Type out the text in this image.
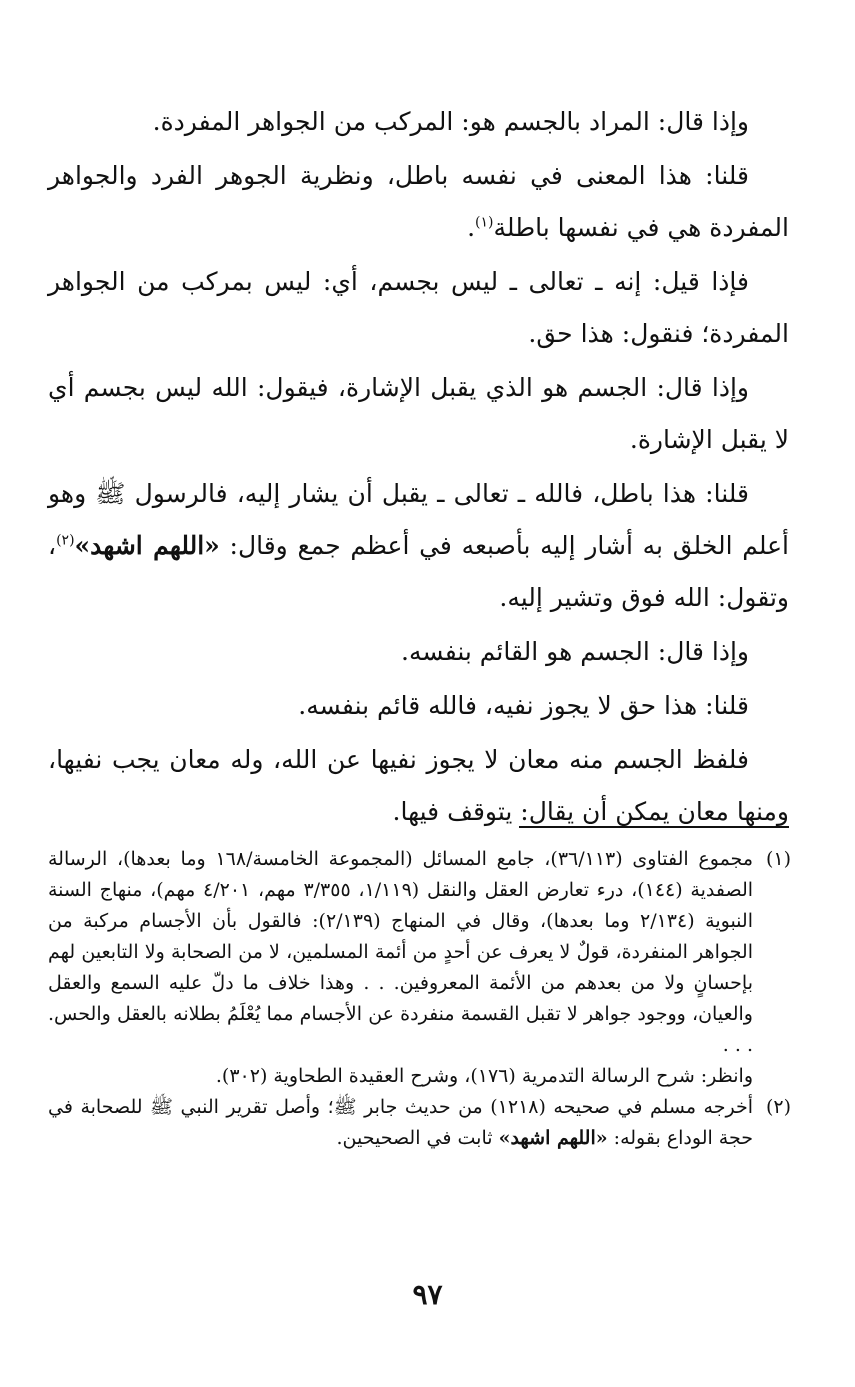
وإذا قال: المراد بالجسم هو: المركب من الجواهر المفردة.

قلنا: هذا المعنى في نفسه باطل، ونظرية الجوهر الفرد والجواهر المفردة هي في نفسها باطلة$^{(١)}$.

فإذا قيل: إنه ـ تعالى ـ ليس بجسم، أي: ليس بمركب من الجواهر المفردة؛ فنقول: هذا حق.

وإذا قال: الجسم هو الذي يقبل الإشارة، فيقول: الله ليس بجسم أي لا يقبل الإشارة.

قلنا: هذا باطل، فالله ـ تعالى ـ يقبل أن يشار إليه، فالرسول ﷺ وهو أعلم الخلق به أشار إليه بأصبعه في أعظم جمع وقال: «اللهم اشهد»$^{(٢)}$، وتقول: الله فوق وتشير إليه.

وإذا قال: الجسم هو القائم بنفسه.

قلنا: هذا حق لا يجوز نفيه، فالله قائم بنفسه.

فلفظ الجسم منه معان لا يجوز نفيها عن الله، وله معان يجب نفيها، ومنها معان يمكن أن يقال: يتوقف فيها.

(١)
مجموع الفتاوى (٣٦/١١٣)، جامع المسائل (المجموعة الخامسة/١٦٨ وما بعدها)، الرسالة الصفدية (١٤٤)، درء تعارض العقل والنقل (١/١١٩، ٣/٣٥٥ مهم، ٤/٢٠١ مهم)، منهاج السنة النبوية (٢/١٣٤ وما بعدها)، وقال في المنهاج (٢/١٣٩): فالقول بأن الأجسام مركبة من الجواهر المنفردة، قولٌ لا يعرف عن أحدٍ من أئمة المسلمين، لا من الصحابة ولا التابعين لهم بإحسانٍ ولا من بعدهم من الأئمة المعروفين. . . وهذا خلاف ما دلّ عليه السمع والعقل والعيان، ووجود جواهر لا تقبل القسمة منفردة عن الأجسام مما يُعْلَمُ بطلانه بالعقل والحس. . . .
وانظر: شرح الرسالة التدمرية (١٧٦)، وشرح العقيدة الطحاوية (٣٠٢).
(٢)
أخرجه مسلم في صحيحه (١٢١٨) من حديث جابر ﷺ؛ وأصل تقرير النبي ﷺ للصحابة في حجة الوداع بقوله: «اللهم اشهد» ثابت في الصحيحين.
٩٧
